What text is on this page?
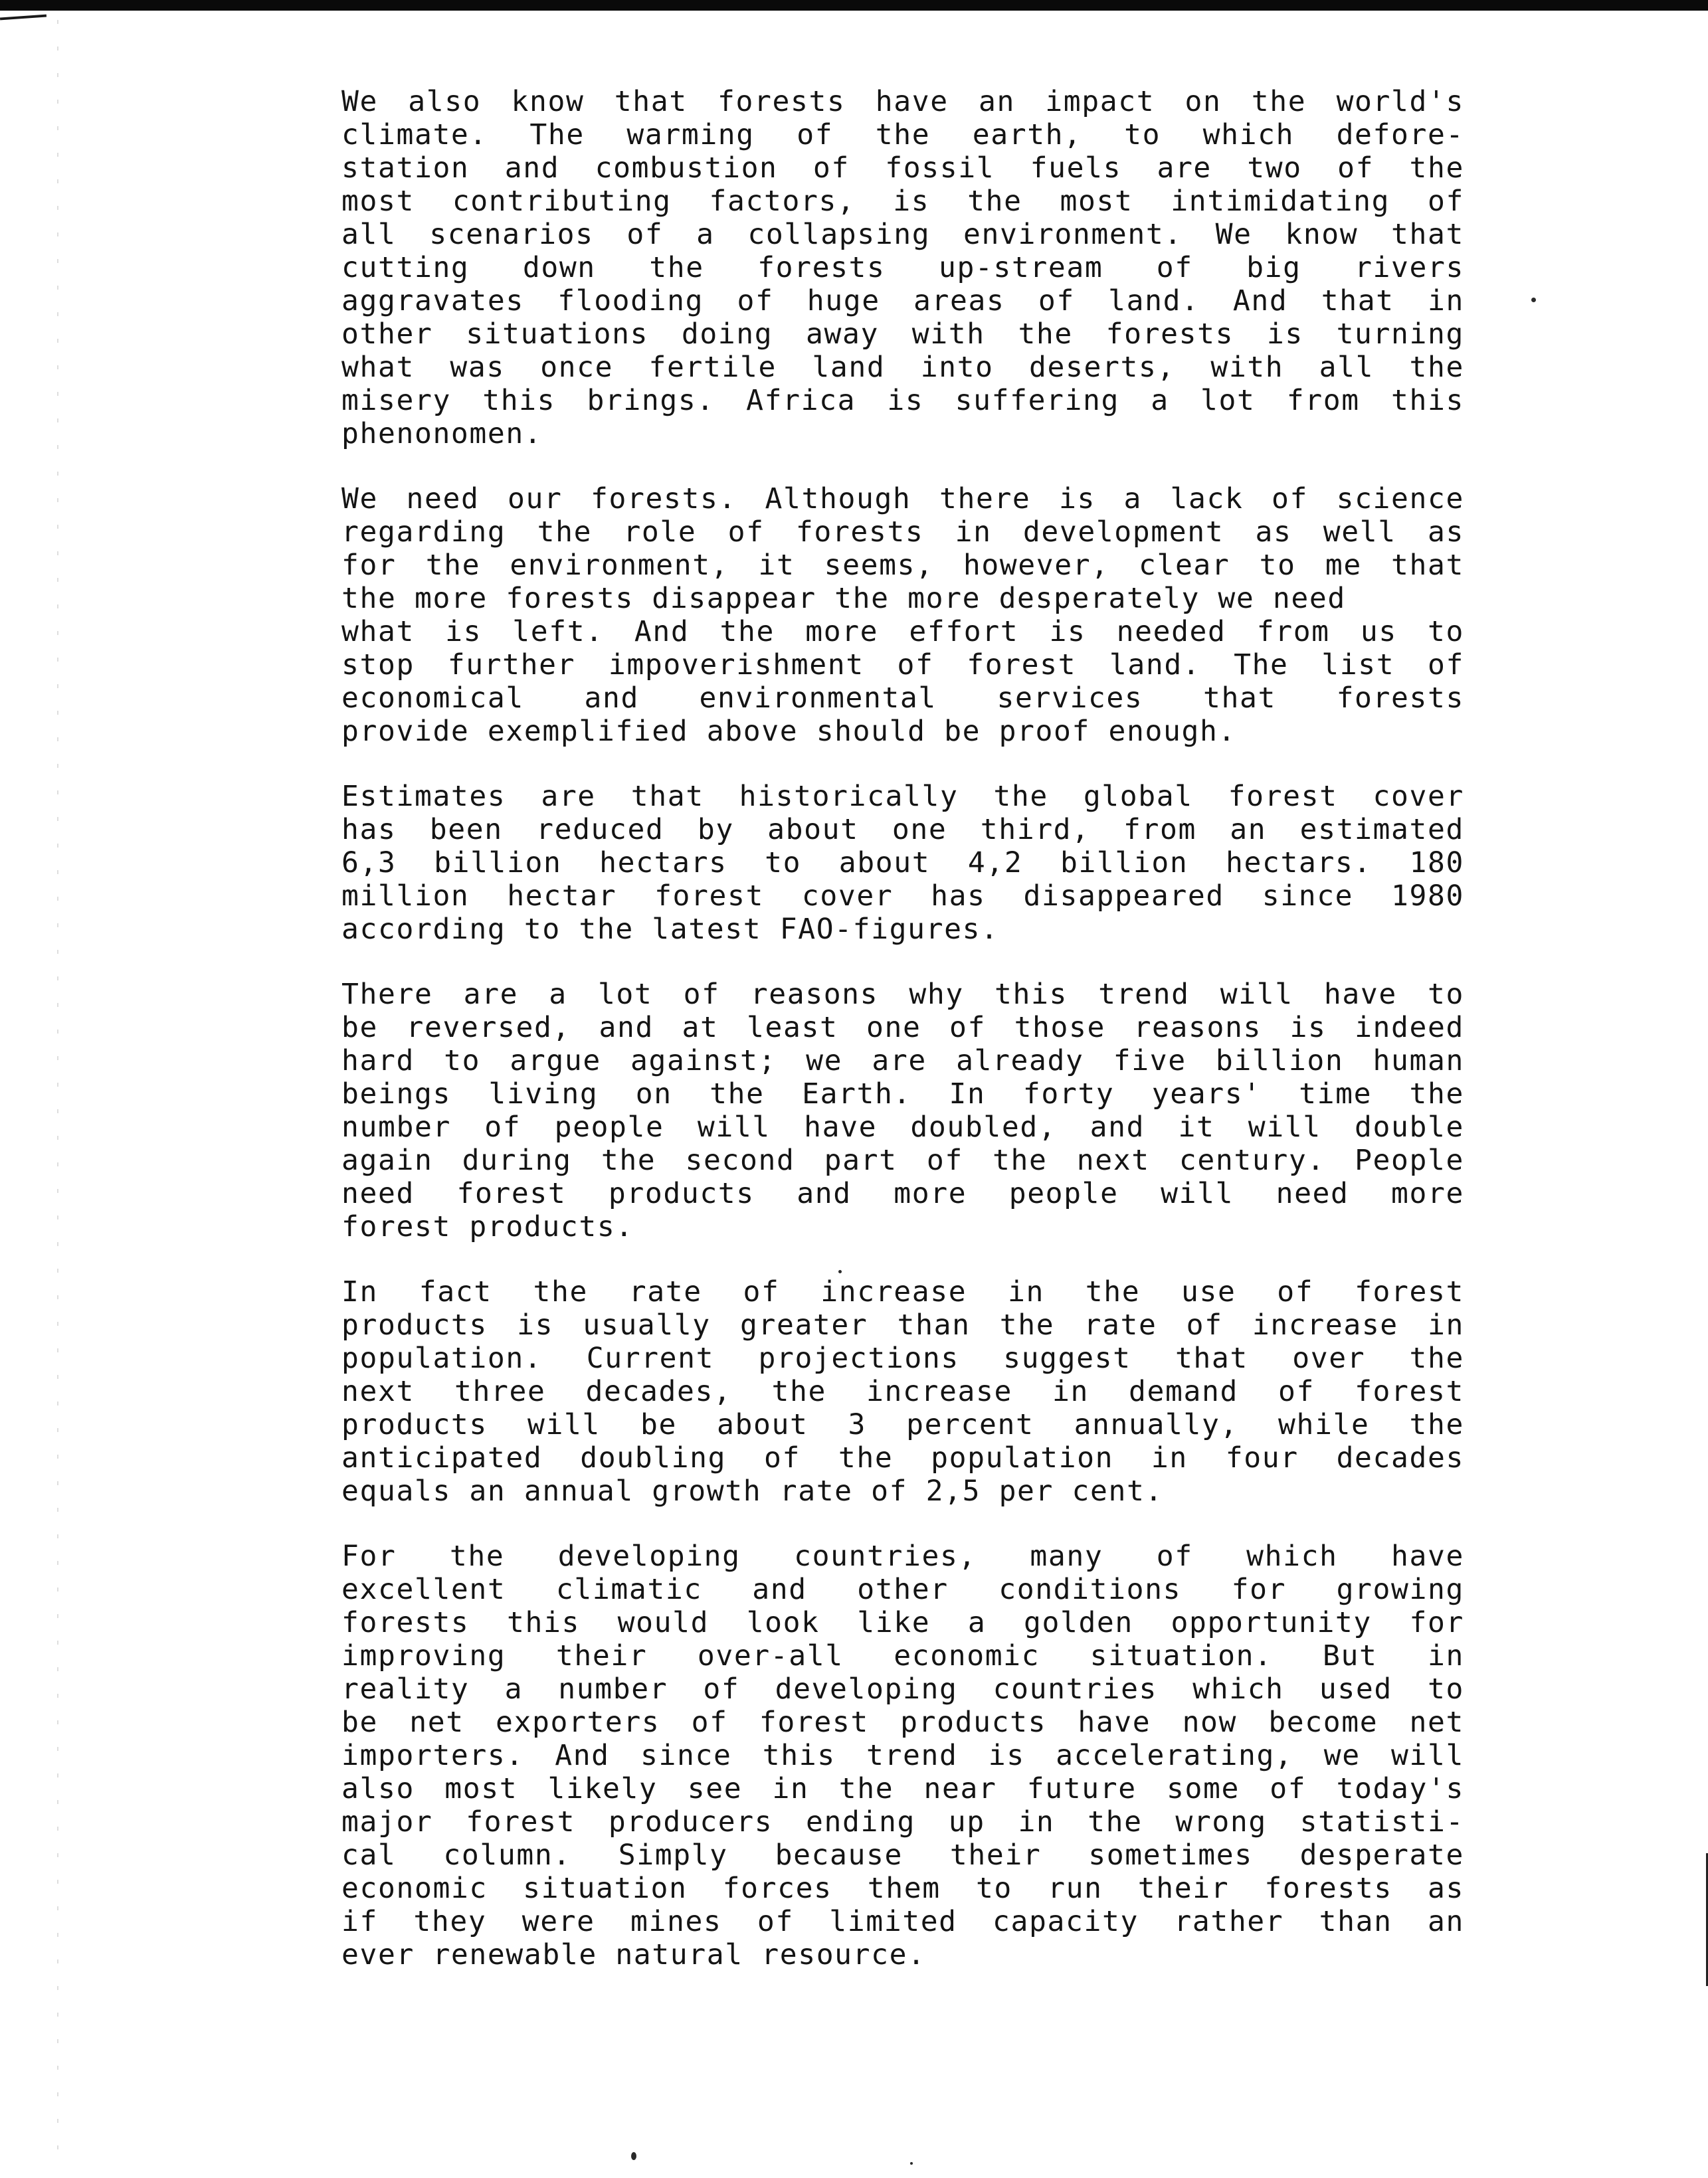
We also know that forests have an impact on the world's
climate. The warming of the earth, to which defore-
station and combustion of fossil fuels are two of the
most contributing factors, is the most intimidating of
all scenarios of a collapsing environment. We know that
cutting down the forests up-stream of big rivers
aggravates flooding of huge areas of land. And that in
other situations doing away with the forests is turning
what was once fertile land into deserts, with all the
misery this brings. Africa is suffering a lot from this
phenonomen.
We need our forests. Although there is a lack of science
regarding the role of forests in development as well as
for the environment, it seems, however, clear to me that
the more forests disappear the more desperately we need
what is left. And the more effort is needed from us to
stop further impoverishment of forest land. The list of
economical and environmental services that forests
provide exemplified above should be proof enough.
Estimates are that historically the global forest cover
has been reduced by about one third, from an estimated
6,3 billion hectars to about 4,2 billion hectars. 180
million hectar forest cover has disappeared since 1980
according to the latest FAO-figures.
There are a lot of reasons why this trend will have to
be reversed, and at least one of those reasons is indeed
hard to argue against; we are already five billion human
beings living on the Earth. In forty years' time the
number of people will have doubled, and it will double
again during the second part of the next century. People
need forest products and more people will need more
forest products.
In fact the rate of increase in the use of forest
products is usually greater than the rate of increase in
population. Current projections suggest that over the
next three decades, the increase in demand of forest
products will be about 3 percent annually, while the
anticipated doubling of the population in four decades
equals an annual growth rate of 2,5 per cent.
For the developing countries, many of which have
excellent climatic and other conditions for growing
forests this would look like a golden opportunity for
improving their over-all economic situation. But in
reality a number of developing countries which used to
be net exporters of forest products have now become net
importers. And since this trend is accelerating, we will
also most likely see in the near future some of today's
major forest producers ending up in the wrong statisti-
cal column. Simply because their sometimes desperate
economic situation forces them to run their forests as
if they were mines of limited capacity rather than an
ever renewable natural resource.
